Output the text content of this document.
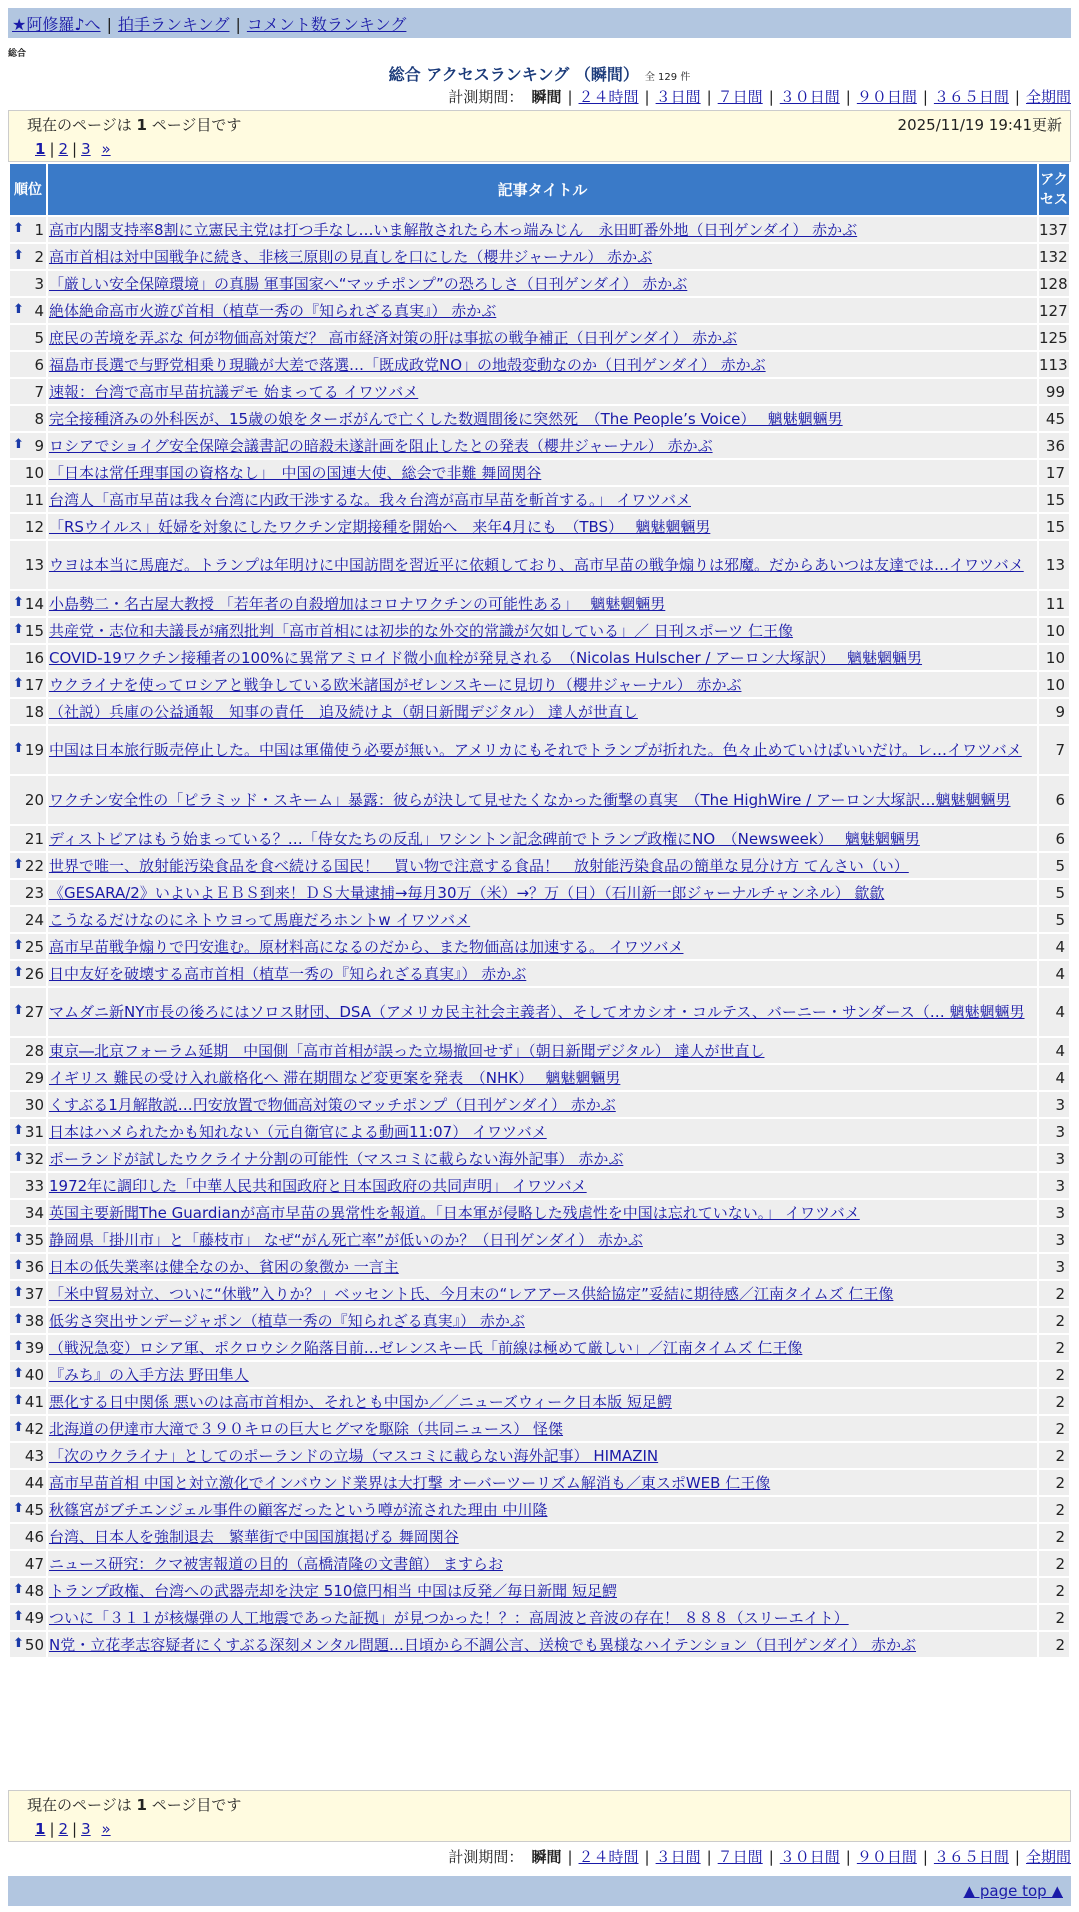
★阿修羅♪へ | 拍手ランキング | コメント数ランキング
総合
総合 アクセスランキング （瞬間） 全 129 件
計測期間： 瞬間 | ２４時間 | ３日間 | ７日間 | ３０日間 | ９０日間 | ３６５日間 | 全期間
現在のページは 1 ページ目です	2025/11/19 19:41更新
1 | 2 | 3 »
順位	記事タイトル	アクセス

⬆ 1	高市内閣支持率8割に立憲民主党は打つ手なし…いま解散されたら木っ端みじん　永田町番外地（日刊ゲンダイ） 赤かぶ	137

⬆ 2	高市首相は対中国戦争に続き、非核三原則の見直しを口にした（櫻井ジャーナル） 赤かぶ	132
3	「厳しい安全保障環境」の真腸 軍事国家へ“マッチポンプ”の恐ろしさ（日刊ゲンダイ） 赤かぶ	128

⬆ 4	絶体絶命高市火遊び首相（植草一秀の『知られざる真実』） 赤かぶ	127
5	庶民の苦境を弄ぶな 何が物価高対策だ？ 高市経済対策の肝は事拡の戦争補正（日刊ゲンダイ） 赤かぶ	125
6	福島市長選で与野党相乗り現職が大差で落選…「既成政党NO」の地殻変動なのか（日刊ゲンダイ） 赤かぶ	113
7	速報：台湾で高市早苗抗議デモ 始まってる イワツバメ	99
8	完全接種済みの外科医が、15歳の娘をターボがんで亡くした数週間後に突然死　（The People’s Voice）　 魑魅魍魎男	45

⬆ 9	ロシアでショイグ安全保障会議書記の暗殺未遂計画を阻止したとの発表（櫻井ジャーナル） 赤かぶ	36
10	「日本は常任理事国の資格なし」　中国の国連大使、総会で非難 舞岡関谷	17
11	台湾人「高市早苗は我々台湾に内政干渉するな。我々台湾が高市早苗を斬首する。」 イワツバメ	15
12	「RSウイルス」妊婦を対象にしたワクチン定期接種を開始へ　来年4月にも　（TBS）　 魑魅魍魎男	15
13	ウヨは本当に馬鹿だ。トランプは年明けに中国訪問を習近平に依頼しており、高市早苗の戦争煽りは邪魔。だからあいつは友達では…イワツバメ	13

⬆ 14	小島勢二・名古屋大教授 「若年者の自殺増加はコロナワクチンの可能性ある」　 魑魅魍魎男	11

⬆ 15	共産党・志位和夫議長が痛烈批判「高市首相には初歩的な外交的常識が欠如している」／ 日刊スポーツ 仁王像	10
16	COVID-19ワクチン接種者の100%に異常アミロイド微小血栓が発見される　（Nicolas Hulscher / アーロン大塚訳）　 魑魅魍魎男	10

⬆ 17	ウクライナを使ってロシアと戦争している欧米諸国がゼレンスキーに見切り（櫻井ジャーナル） 赤かぶ	10
18	（社説）兵庫の公益通報　知事の責任　追及続けよ（朝日新聞デジタル） 達人が世直し	9

⬆ 19	中国は日本旅行販売停止した。中国は軍備使う必要が無い。アメリカにもそれでトランプが折れた。色々止めていけばいいだけ。レ…イワツバメ	7
20	ワクチン安全性の「ピラミッド・スキーム」暴露：彼らが決して見せたくなかった衝撃の真実　（The HighWire / アーロン大塚訳…魑魅魍魎男	6
21	ディストピアはもう始まっている？…「侍女たちの反乱」ワシントン記念碑前でトランプ政権にNO　（Newsweek）　 魑魅魍魎男	6

⬆ 22	世界で唯一、放射能汚染食品を食べ続ける国民！　買い物で注意する食品！　放射能汚染食品の簡単な見分け方 てんさい（い）	5
23	《GESARA/2》いよいよＥＢＳ到来！ＤＳ大量逮捕→毎月30万（米）→？万（日）（石川新一郎ジャーナルチャンネル） 歙歙	5
24	こうなるだけなのにネトウヨって馬鹿だろホントw イワツバメ	5

⬆ 25	高市早苗戦争煽りで円安進む。原材料高になるのだから、また物価高は加速する。 イワツバメ	4

⬆ 26	日中友好を破壊する高市首相（植草一秀の『知られざる真実』） 赤かぶ	4

⬆ 27	マムダニ新NY市長の後ろにはソロス財団、DSA（アメリカ民主社会主義者）、そしてオカシオ・コルテス、バーニー・サンダース（… 魑魅魍魎男	4
28	東京―北京フォーラム延期　中国側「高市首相が誤った立場撤回せず」（朝日新聞デジタル） 達人が世直し	4
29	イギリス 難民の受け入れ厳格化へ 滞在期間など変更案を発表　（NHK）　 魑魅魍魎男	4
30	くすぶる1月解散説…円安放置で物価高対策のマッチポンプ（日刊ゲンダイ） 赤かぶ	3

⬆ 31	日本はハメられたかも知れない（元自衛官による動画11:07） イワツバメ	3

⬆ 32	ポーランドが試したウクライナ分割の可能性（マスコミに載らない海外記事） 赤かぶ	3
33	1972年に調印した「中華人民共和国政府と日本国政府の共同声明」 イワツバメ	3
34	英国主要新聞The Guardianが高市早苗の異常性を報道。「日本軍が侵略した残虐性を中国は忘れていない。」 イワツバメ	3

⬆ 35	静岡県「掛川市」と「藤枝市」 なぜ“がん死亡率”が低いのか？（日刊ゲンダイ） 赤かぶ	3

⬆ 36	日本の低失業率は健全なのか、貧困の象徴か 一言主	3

⬆ 37	「米中貿易対立、ついに“休戦”入りか？」ベッセント氏、今月末の“レアアース供給協定”妥結に期待感／江南タイムズ 仁王像	2

⬆ 38	低劣さ突出サンデージャポン（植草一秀の『知られざる真実』） 赤かぶ	2

⬆ 39	（戦況急変）ロシア軍、ポクロウシク陥落目前…ゼレンスキー氏「前線は極めて厳しい」／江南タイムズ 仁王像	2

⬆ 40	『みち』の入手方法 野田隼人	2

⬆ 41	悪化する日中関係 悪いのは高市首相か、それとも中国か／／ニューズウィーク日本版 短足鰐	2

⬆ 42	北海道の伊達市大滝で３９０キロの巨大ヒグマを駆除（共同ニュース） 怪傑	2
43	「次のウクライナ」としてのポーランドの立場（マスコミに載らない海外記事） HIMAZIN	2
44	高市早苗首相 中国と対立激化でインバウンド業界は大打撃 オーバーツーリズム解消も／東スポWEB 仁王像	2

⬆ 45	秋篠宮がブチエンジェル事件の顧客だったという噂が流された理由 中川隆	2
46	台湾、日本人を強制退去　繁華街で中国国旗掲げる 舞岡関谷	2
47	ニュース研究：クマ被害報道の目的（高橋清隆の文書館） ますらお	2

⬆ 48	トランプ政権、台湾への武器売却を決定 510億円相当 中国は反発／毎日新聞 短足鰐	2

⬆ 49	ついに「３１１が核爆弾の人工地震であった証拠」が見つかった！？：高周波と音波の存在！ ８８８（スリーエイト）	2

⬆ 50	N党・立花孝志容疑者にくすぶる深刻メンタル問題…日頃から不調公言、送検でも異様なハイテンション（日刊ゲンダイ） 赤かぶ	2
現在のページは 1 ページ目です
1 | 2 | 3 »
計測期間： 瞬間 | ２４時間 | ３日間 | ７日間 | ３０日間 | ９０日間 | ３６５日間 | 全期間
▲ page top ▲
